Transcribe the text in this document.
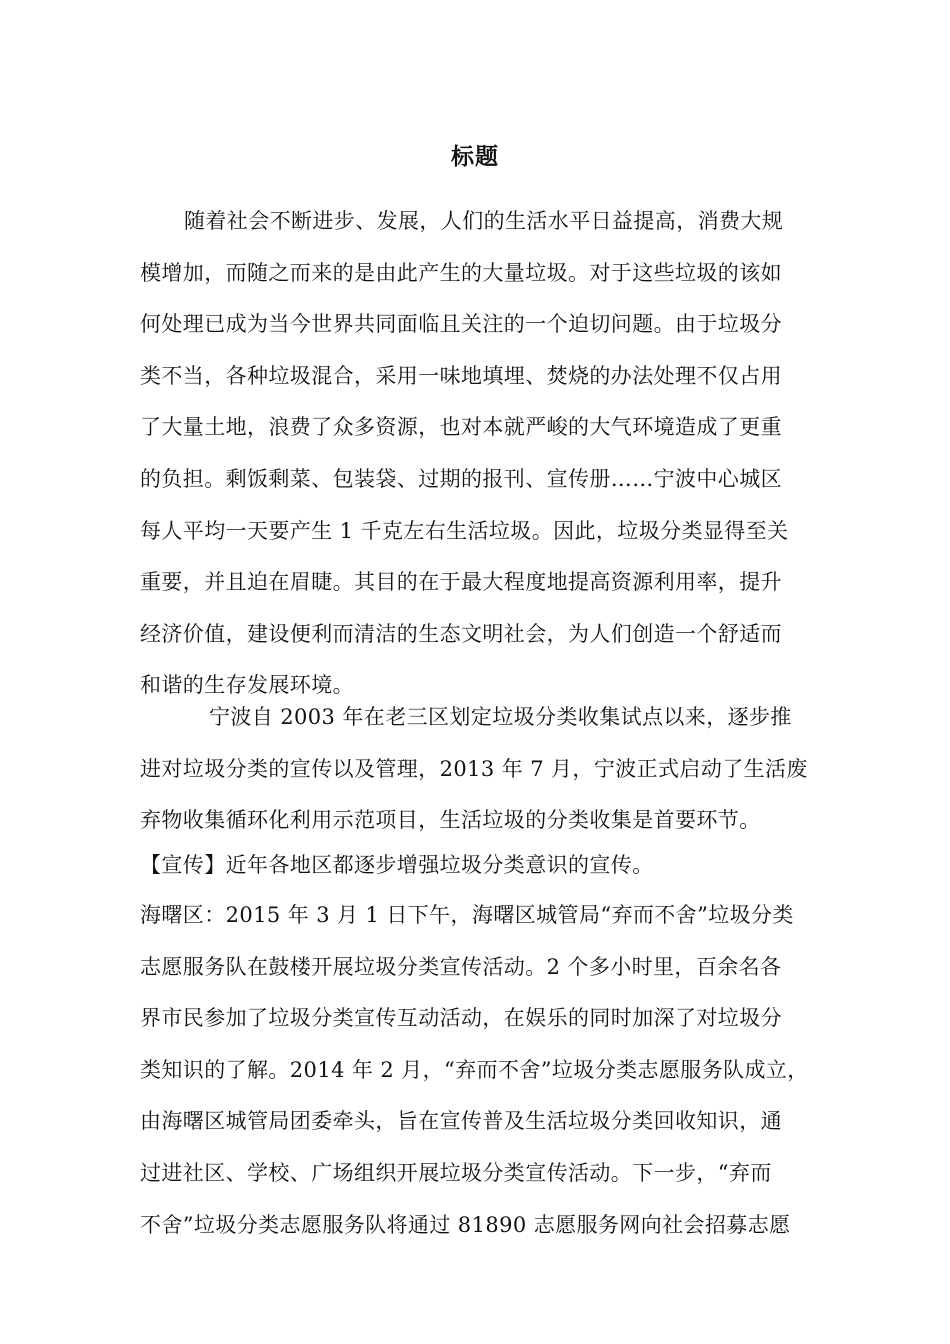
标题
随着社会不断进步、发展，人们的生活水平日益提高，消费大规
模增加，而随之而来的是由此产生的大量垃圾。对于这些垃圾的该如
何处理已成为当今世界共同面临且关注的一个迫切问题。由于垃圾分
类不当，各种垃圾混合，采用一味地填埋、焚烧的办法处理不仅占用
了大量土地，浪费了众多资源，也对本就严峻的大气环境造成了更重
的负担。剩饭剩菜、包装袋、过期的报刊、宣传册……宁波中心城区
每人平均一天要产生 1 千克左右生活垃圾。因此，垃圾分类显得至关
重要，并且迫在眉睫。其目的在于最大程度地提高资源利用率，提升
经济价值，建设便利而清洁的生态文明社会，为人们创造一个舒适而
和谐的生存发展环境。
宁波自 2003 年在老三区划定垃圾分类收集试点以来，逐步推
进对垃圾分类的宣传以及管理，2013 年 7 月，宁波正式启动了生活废
弃物收集循环化利用示范项目，生活垃圾的分类收集是首要环节。
【宣传】近年各地区都逐步增强垃圾分类意识的宣传。
海曙区：2015 年 3 月 1 日下午，海曙区城管局“弃而不舍”垃圾分类
志愿服务队在鼓楼开展垃圾分类宣传活动。2 个多小时里，百余名各
界市民参加了垃圾分类宣传互动活动，在娱乐的同时加深了对垃圾分
类知识的了解。2014 年 2 月，“弃而不舍”垃圾分类志愿服务队成立，
由海曙区城管局团委牵头，旨在宣传普及生活垃圾分类回收知识，通
过进社区、学校、广场组织开展垃圾分类宣传活动。下一步，“弃而
不舍”垃圾分类志愿服务队将通过 81890 志愿服务网向社会招募志愿
